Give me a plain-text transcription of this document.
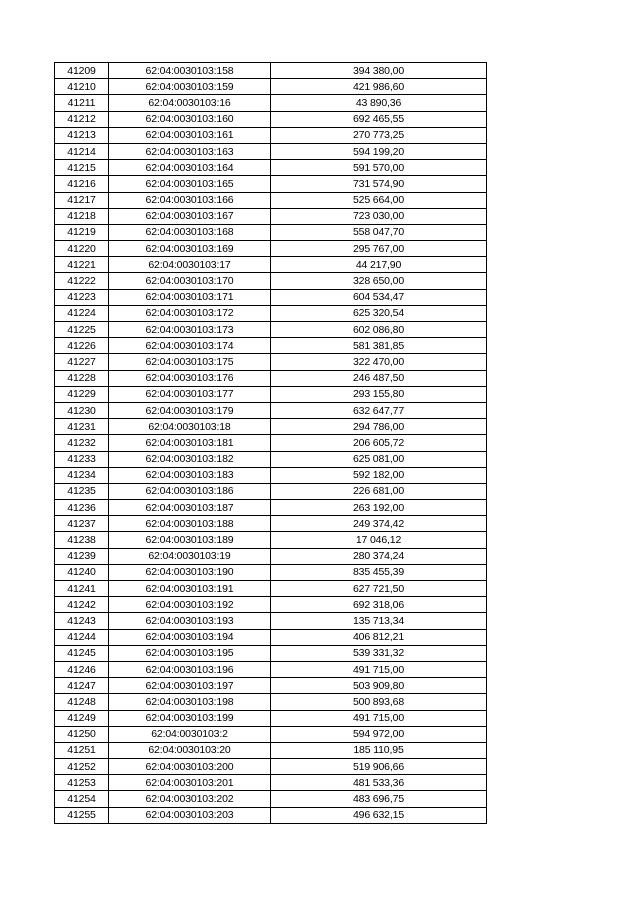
41209	62:04:0030103:158	394 380,00
41210	62:04:0030103:159	421 986,60
41211	62:04:0030103:16	43 890,36
41212	62:04:0030103:160	692 465,55
41213	62:04:0030103:161	270 773,25
41214	62:04:0030103:163	594 199,20
41215	62:04:0030103:164	591 570,00
41216	62:04:0030103:165	731 574,90
41217	62:04:0030103:166	525 664,00
41218	62:04:0030103:167	723 030,00
41219	62:04:0030103:168	558 047,70
41220	62:04:0030103:169	295 767,00
41221	62:04:0030103:17	44 217,90
41222	62:04:0030103:170	328 650,00
41223	62:04:0030103:171	604 534,47
41224	62:04:0030103:172	625 320,54
41225	62:04:0030103:173	602 086,80
41226	62:04:0030103:174	581 381,85
41227	62:04:0030103:175	322 470,00
41228	62:04:0030103:176	246 487,50
41229	62:04:0030103:177	293 155,80
41230	62:04:0030103:179	632 647,77
41231	62:04:0030103:18	294 786,00
41232	62:04:0030103:181	206 605,72
41233	62:04:0030103:182	625 081,00
41234	62:04:0030103:183	592 182,00
41235	62:04:0030103:186	226 681,00
41236	62:04:0030103:187	263 192,00
41237	62:04:0030103:188	249 374,42
41238	62:04:0030103:189	17 046,12
41239	62:04:0030103:19	280 374,24
41240	62:04:0030103:190	835 455,39
41241	62:04:0030103:191	627 721,50
41242	62:04:0030103:192	692 318,06
41243	62:04:0030103:193	135 713,34
41244	62:04:0030103:194	406 812,21
41245	62:04:0030103:195	539 331,32
41246	62:04:0030103:196	491 715,00
41247	62:04:0030103:197	503 909,80
41248	62:04:0030103:198	500 893,68
41249	62:04:0030103:199	491 715,00
41250	62:04:0030103:2	594 972,00
41251	62:04:0030103:20	185 110,95
41252	62:04:0030103:200	519 906,66
41253	62:04:0030103:201	481 533,36
41254	62:04:0030103:202	483 696,75
41255	62:04:0030103:203	496 632,15
